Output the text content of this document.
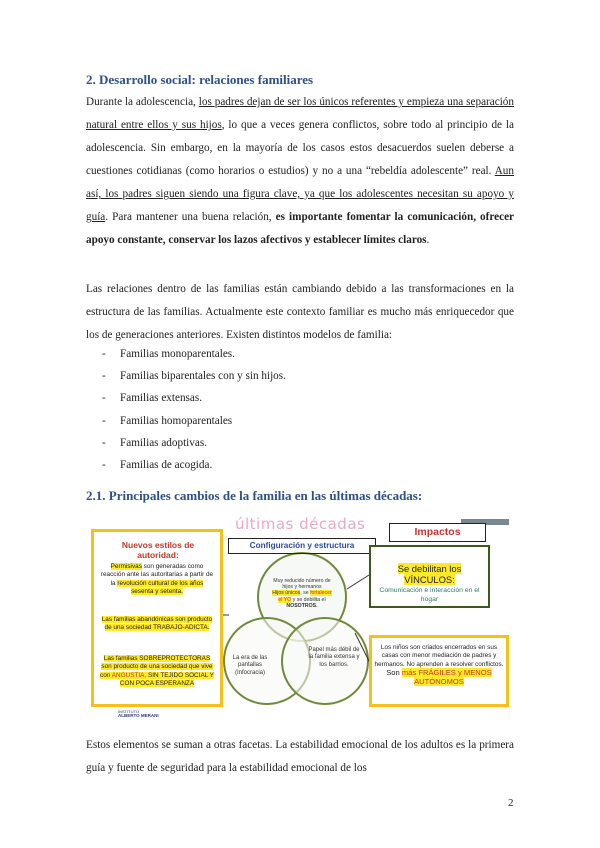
2. Desarrollo social: relaciones familiares

Durante la adolescencia, los padres dejan de ser los únicos referentes y empieza una separación natural entre ellos y sus hijos, lo que a veces genera conflictos, sobre todo al principio de la adolescencia. Sin embargo, en la mayoría de los casos estos desacuerdos suelen deberse a cuestiones cotidianas (como horarios o estudios) y no a una “rebeldía adolescente” real. Aun así, los padres siguen siendo una figura clave, ya que los adolescentes necesitan su apoyo y guía. Para mantener una buena relación, es importante fomentar la comunicación, ofrecer apoyo constante, conservar los lazos afectivos y establecer límites claros.

Las relaciones dentro de las familias están cambiando debido a las transformaciones en la estructura de las familias. Actualmente este contexto familiar es mucho más enriquecedor que los de generaciones anteriores. Existen distintos modelos de familia:

- Familias monoparentales.
- Familias biparentales con y sin hijos.
- Familias extensas.
- Familias homoparentales
- Familias adoptivas.
- Familias de acogida.
2.1. Principales cambios de la familia en las últimas décadas:
últimas décadas
Configuración y estructura
Impactos
Nuevos estilos de autoridad:
Permisivas son generadas como reacción ante las autoritarias a partir de la revolución cultural de los años sesenta y setenta.
Las familias abandónicas son producto de una sociedad TRABAJO-ADICTA.
Las familias SOBREPROTECTORAS son producto de una sociedad que vive con ANGUSTIA, SIN TEJIDO SOCIAL Y CON POCA ESPERANZA
INSTITUTO
ALBERTO MERANI
Muy reducido número de
hijos y hermanos
Hijos únicos, se fortalecer
el YO y se debilita el
NOSOTROS.
La era de las pantallas (Infocracia)
Papel más débil de la familia extensa y los barrios.
Se debilitan los
VÍNCULOS:
Comunicación e interacción en el hogar
Los niños son criados encerrados en sus casas con menor mediación de padres y hermanos. No aprenden a resolver conflictos.
Son más FRÁGILES y MENOS AUTÓNOMOS

Estos elementos se suman a otras facetas. La estabilidad emocional de los adultos es la primera guía y fuente de seguridad para la estabilidad emocional de los

2
